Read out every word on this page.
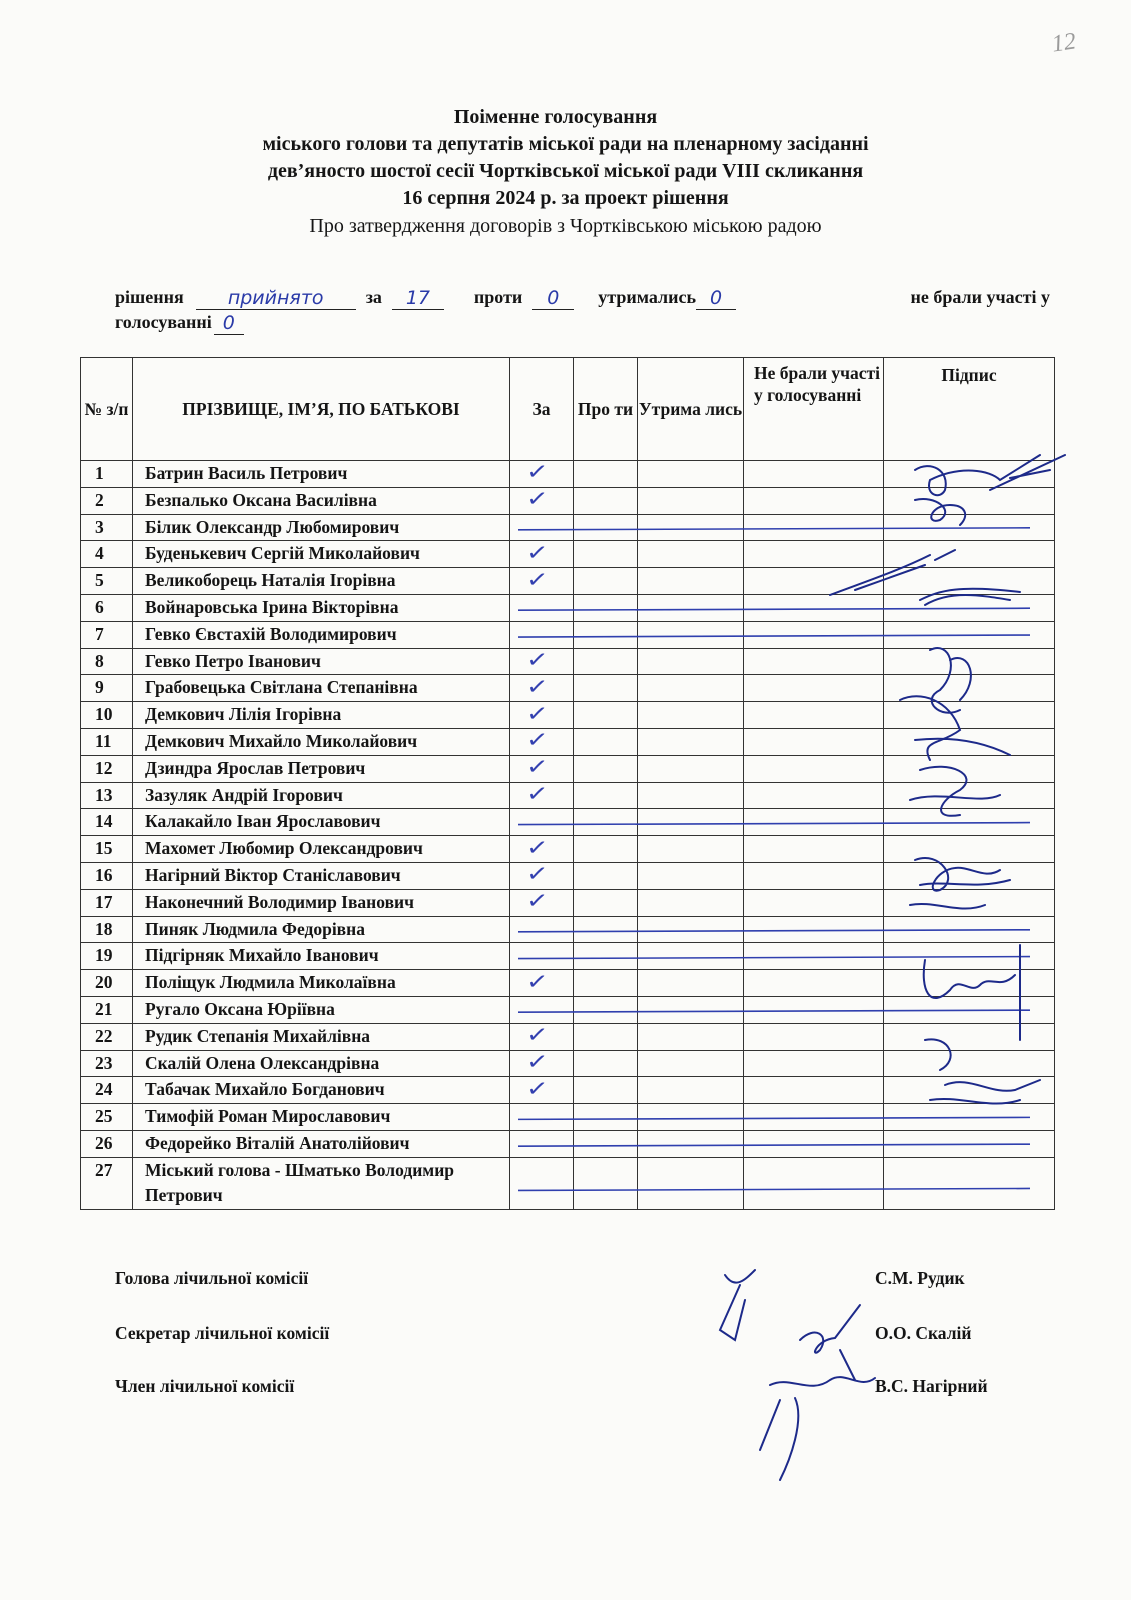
12
Поіменне голосування
міського голови та депутатів міської ради на пленарному засіданні
дев’яносто шостої сесії Чортківської міської ради VIII скликання
16 серпня 2024 р. за проект рішення
Про затвердження договорів з Чортківською міською радою
рішення	прийнято	за	17	проти	0	утримались 0	не брали участі у
голосуванні 0
№ з/п	ПРІЗВИЩЕ, ІМ’Я, ПО БАТЬКОВІ	За	Про ти	Утрима лись	Не брали участі у голосуванні	Підпис
1	Батрин Василь Петрович	✓				
2	Безпалько Оксана Василівна	✓				
3	Білик Олександр Любомирович					
4	Буденькевич Сергій Миколайович	✓				
5	Великоборець Наталія Ігорівна	✓				
6	Войнаровська Ірина Вікторівна					
7	Гевко Євстахій Володимирович					
8	Гевко Петро Іванович	✓				
9	Грабовецька Світлана Степанівна	✓				
10	Демкович Лілія Ігорівна	✓				
11	Демкович Михайло Миколайович	✓				
12	Дзиндра Ярослав Петрович	✓				
13	Зазуляк Андрій Ігорович	✓				
14	Калакайло Іван Ярославович					
15	Махомет Любомир Олександрович	✓				
16	Нагірний Віктор Станіславович	✓				
17	Наконечний Володимир Іванович	✓				
18	Пиняк Людмила Федорівна					
19	Підгірняк Михайло Іванович					
20	Поліщук Людмила Миколаївна	✓				
21	Ругало Оксана Юріївна					
22	Рудик Степанія Михайлівна	✓				
23	Скалій Олена Олександрівна	✓				
24	Табачак Михайло Богданович	✓				
25	Тимофій Роман Мирославович					
26	Федорейко Віталій Анатолійович					
27	Міський голова - Шматько Володимир Петрович					
Голова лічильної комісії	С.М. Рудик
Секретар лічильної комісії	О.О. Скалій
Член лічильної комісії	В.С. Нагірний
